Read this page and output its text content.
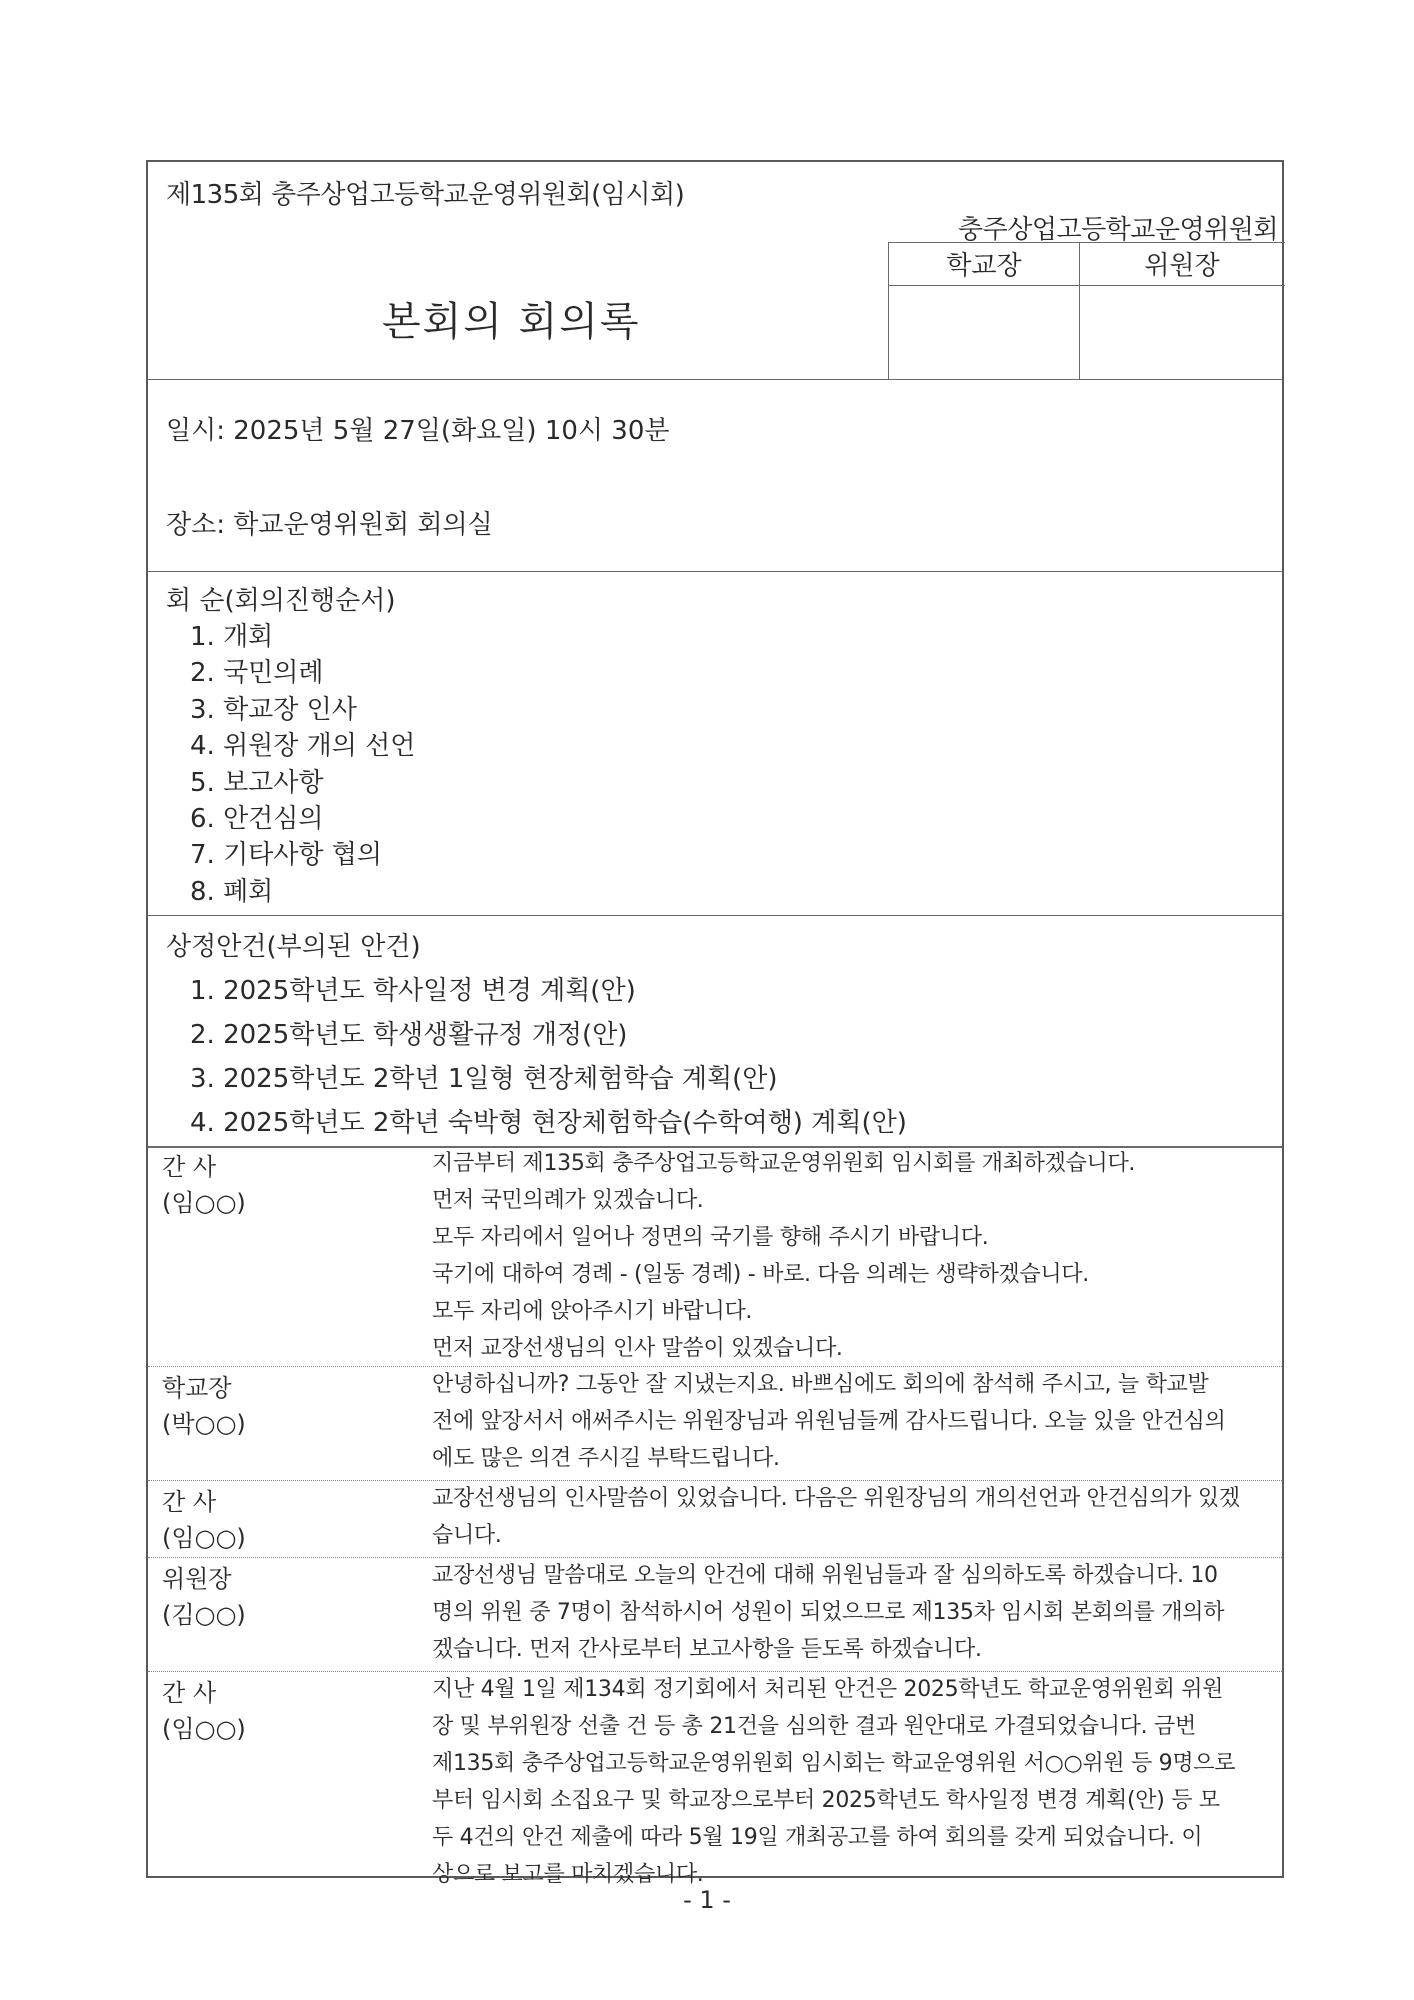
제135회 충주상업고등학교운영위원회(임시회)
충주상업고등학교운영위원회
본회의 회의록
학교장	위원장
일시: 2025년 5월 27일(화요일) 10시 30분
장소: 학교운영위원회 회의실
회 순(회의진행순서)
1. 개회
2. 국민의례
3. 학교장 인사
4. 위원장 개의 선언
5. 보고사항
6. 안건심의
7. 기타사항 협의
8. 폐회
상정안건(부의된 안건)
1. 2025학년도 학사일정 변경 계획(안)
2. 2025학년도 학생생활규정 개정(안)
3. 2025학년도 2학년 1일형 현장체험학습 계획(안)
4. 2025학년도 2학년 숙박형 현장체험학습(수학여행) 계획(안)
간 사
(임○○)
지금부터 제135회 충주상업고등학교운영위원회 임시회를 개최하겠습니다.
먼저 국민의례가 있겠습니다.
모두 자리에서 일어나 정면의 국기를 향해 주시기 바랍니다.
국기에 대하여 경례 - (일동 경례) - 바로. 다음 의례는 생략하겠습니다.
모두 자리에 앉아주시기 바랍니다.
먼저 교장선생님의 인사 말씀이 있겠습니다.
학교장
(박○○)
안녕하십니까? 그동안 잘 지냈는지요. 바쁘심에도 회의에 참석해 주시고, 늘 학교발
전에 앞장서서 애써주시는 위원장님과 위원님들께 감사드립니다. 오늘 있을 안건심의
에도 많은 의견 주시길 부탁드립니다.
간 사
(임○○)
교장선생님의 인사말씀이 있었습니다. 다음은 위원장님의 개의선언과 안건심의가 있겠
습니다.
위원장
(김○○)
교장선생님 말씀대로 오늘의 안건에 대해 위원님들과 잘 심의하도록 하겠습니다. 10
명의 위원 중 7명이 참석하시어 성원이 되었으므로 제135차 임시회 본회의를 개의하
겠습니다. 먼저 간사로부터 보고사항을 듣도록 하겠습니다.
간 사
(임○○)
지난 4월 1일 제134회 정기회에서 처리된 안건은 2025학년도 학교운영위원회 위원
장 및 부위원장 선출 건 등 총 21건을 심의한 결과 원안대로 가결되었습니다. 금번
제135회 충주상업고등학교운영위원회 임시회는 학교운영위원 서○○위원 등 9명으로
부터 임시회 소집요구 및 학교장으로부터 2025학년도 학사일정 변경 계획(안) 등 모
두 4건의 안건 제출에 따라 5월 19일 개최공고를 하여 회의를 갖게 되었습니다. 이
상으로 보고를 마치겠습니다.
- 1 -
